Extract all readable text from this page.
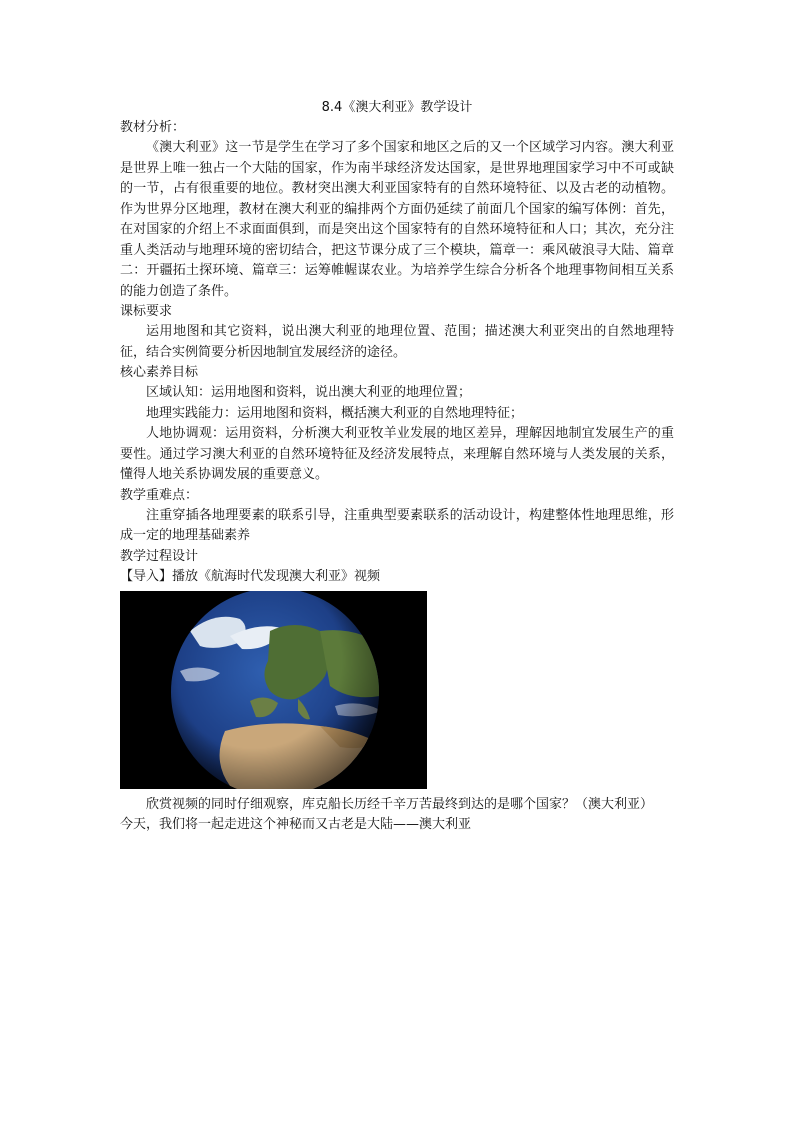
8.4《澳大利亚》教学设计

教材分析：

《澳大利亚》这一节是学生在学习了多个国家和地区之后的又一个区域学习内容。澳大利亚是世界上唯一独占一个大陆的国家，作为南半球经济发达国家，是世界地理国家学习中不可或缺的一节，占有很重要的地位。教材突出澳大利亚国家特有的自然环境特征、以及古老的动植物。作为世界分区地理，教材在澳大利亚的编排两个方面仍延续了前面几个国家的编写体例：首先，在对国家的介绍上不求面面俱到，而是突出这个国家特有的自然环境特征和人口；其次，充分注重人类活动与地理环境的密切结合，把这节课分成了三个模块，篇章一：乘风破浪寻大陆、篇章二：开疆拓土探环境、篇章三：运筹帷幄谋农业。为培养学生综合分析各个地理事物间相互关系的能力创造了条件。

课标要求

运用地图和其它资料，说出澳大利亚的地理位置、范围；描述澳大利亚突出的自然地理特征，结合实例简要分析因地制宜发展经济的途径。

核心素养目标

区域认知：运用地图和资料，说出澳大利亚的地理位置；

地理实践能力：运用地图和资料，概括澳大利亚的自然地理特征；

人地协调观：运用资料，分析澳大利亚牧羊业发展的地区差异，理解因地制宜发展生产的重要性。通过学习澳大利亚的自然环境特征及经济发展特点，来理解自然环境与人类发展的关系，懂得人地关系协调发展的重要意义。

教学重难点：

注重穿插各地理要素的联系引导，注重典型要素联系的活动设计，构建整体性地理思维，形成一定的地理基础素养

教学过程设计

【导入】播放《航海时代发现澳大利亚》视频

欣赏视频的同时仔细观察，库克船长历经千辛万苦最终到达的是哪个国家？（澳大利亚）

今天，我们将一起走进这个神秘而又古老是大陆——澳大利亚
